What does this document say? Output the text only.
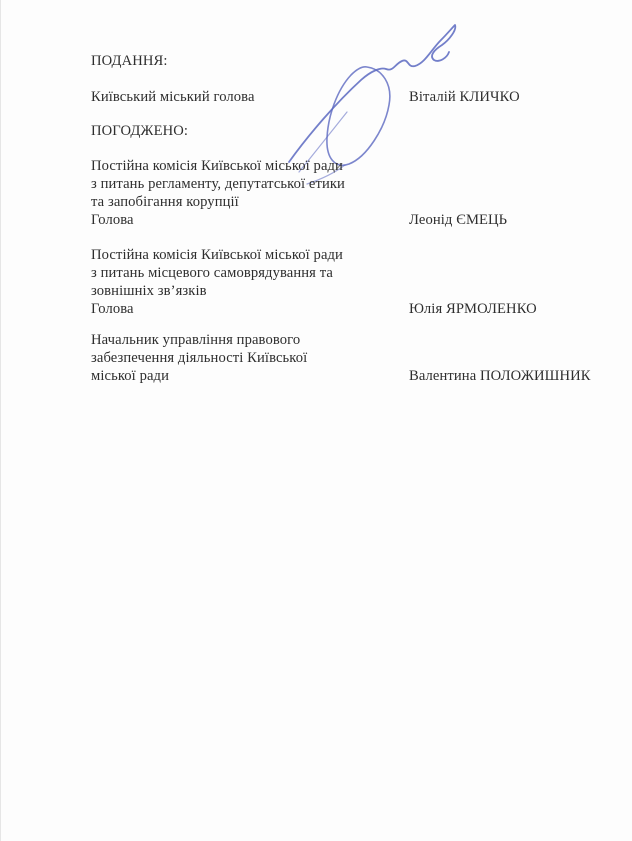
ПОДАННЯ:
Київський міський голова	Віталій КЛИЧКО
ПОГОДЖЕНО:
Постійна комісія Київської міської ради
з питань регламенту, депутатської етики
та запобігання корупції
Голова	Леонід ЄМЕЦЬ
Постійна комісія Київської міської ради
з питань місцевого самоврядування та
зовнішніх зв’язків
Голова	Юлія ЯРМОЛЕНКО
Начальник управління правового
забезпечення діяльності Київської
міської ради	Валентина ПОЛОЖИШНИК
